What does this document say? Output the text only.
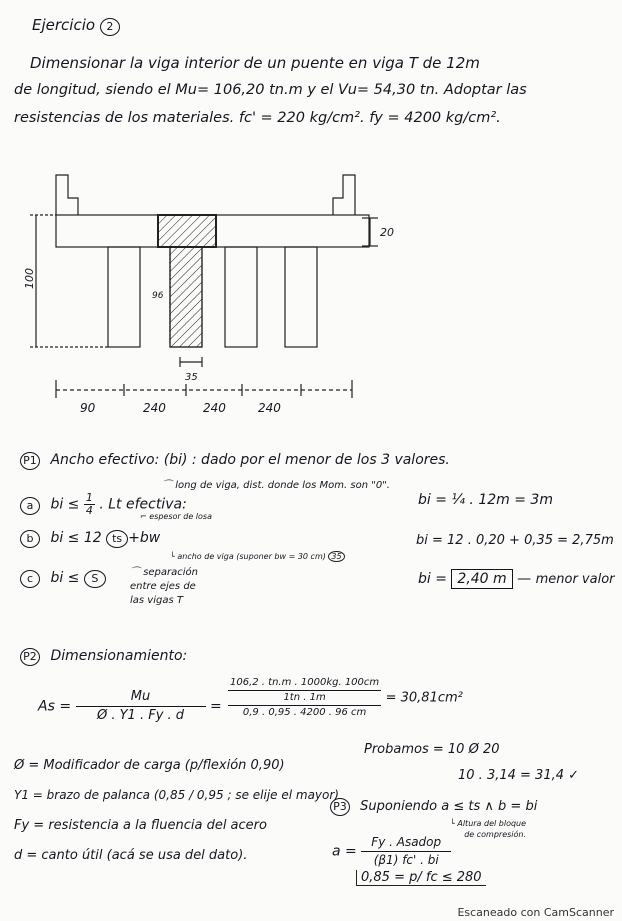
Ejercicio 2
Dimensionar la viga interior de un puente en viga T de 12m
de longitud, siendo el Mu= 106,20 tn.m y el Vu= 54,30 tn. Adoptar las
resistencias de los materiales. fc' = 220 kg/cm². fy = 4200 kg/cm².
20
100
96
35
90	240	240	240
P1 Ancho efectivo: (bi) : dado por el menor de los 3 valores.
⌒ long de viga, dist. donde los Mom. son "0".
a bi ≤ $\frac{1}{4}$ . Lt efectiva:
⌐ espesor de losa
b bi ≤ 12 ts +bw
└ ancho de viga (suponer bw = 30 cm) 35
c bi ≤ S	⌒ separación
entre ejes de
las vigas T
bi = ¼ . 12m = 3m
bi = 12 . 0,20 + 0,35 = 2,75m
bi = 2,40 m — menor valor
P2 Dimensionamiento:
$As = \frac{Mu}{Ø . Y1 . Fy . d}$ =
106,2 . tn.m . 1000kg. 100cm
1tn . 1m
0,9 . 0,95 . 4200 . 96 cm
= 30,81cm²
Probamos = 10 Ø 20
10 . 3,14 = 31,4 ✓
Ø = Modificador de carga (p/flexión 0,90)
Y1 = brazo de palanca (0,85 / 0,95 ; se elije el mayor)
Fy = resistencia a la fluencia del acero
d = canto útil (acá se usa del dato).
P3 Suponiendo a ≤ ts ∧ b = bi
└ Altura del bloque
de compresión.
$a = \frac{\text{Fy . Asadop}}{(\beta 1) fc' . bi}$
0,85 = p/ fc ≤ 280
Escaneado con CamScanner
